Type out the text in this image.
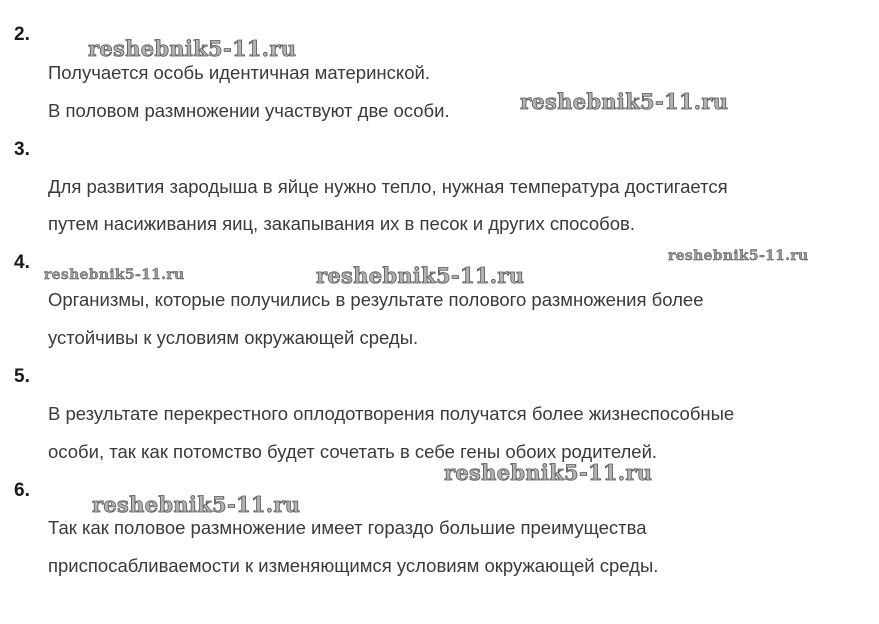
2.
Получается особь идентичная материнской.
В половом размножении участвуют две особи.
3.
Для развития зародыша в яйце нужно тепло, нужная температура достигается
путем насиживания яиц, закапывания их в песок и других способов.
4.
Организмы, которые получились в результате полового размножения более
устойчивы к условиям окружающей среды.
5.
В результате перекрестного оплодотворения получатся более жизнеспособные
особи, так как потомство будет сочетать в себе гены обоих родителей.
6.
Так как половое размножение имеет гораздо большие преимущества
приспосабливаемости к изменяющимся условиям окружающей среды.
reshebnik5-11.ru
reshebnik5-11.ru
reshebnik5-11.ru	reshebnik5-11.ru
reshebnik5-11.ru
reshebnik5-11.ru
reshebnik5-11.ru
